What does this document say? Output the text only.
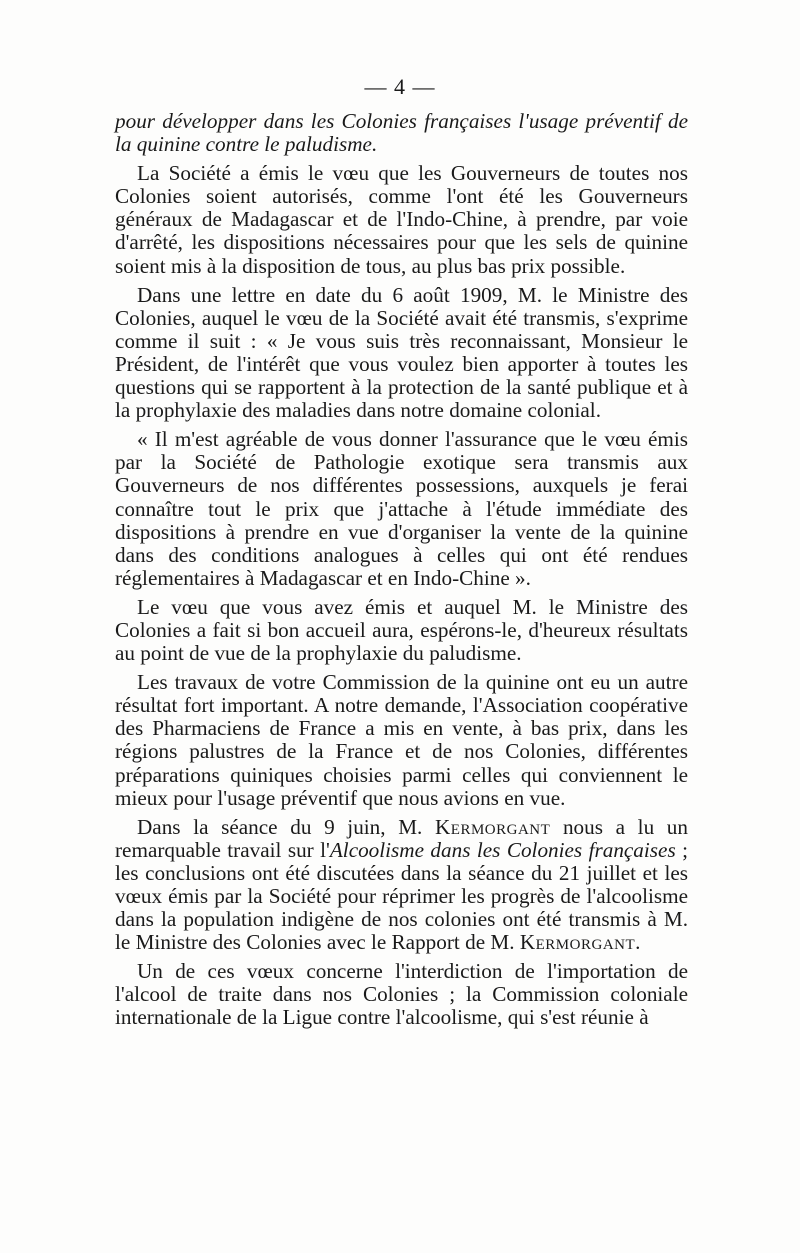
— 4 —

pour développer dans les Colonies françaises l'usage préventif de la quinine contre le paludisme.

La Société a émis le vœu que les Gouverneurs de toutes nos Colonies soient autorisés, comme l'ont été les Gouverneurs généraux de Madagascar et de l'Indo-Chine, à prendre, par voie d'arrêté, les dispositions nécessaires pour que les sels de quinine soient mis à la disposition de tous, au plus bas prix possible.

Dans une lettre en date du 6 août 1909, M. le Ministre des Colonies, auquel le vœu de la Société avait été transmis, s'exprime comme il suit : « Je vous suis très reconnaissant, Monsieur le Président, de l'intérêt que vous voulez bien apporter à toutes les questions qui se rapportent à la protection de la santé publique et à la prophylaxie des maladies dans notre domaine colonial.

« Il m'est agréable de vous donner l'assurance que le vœu émis par la Société de Pathologie exotique sera transmis aux Gouverneurs de nos différentes possessions, auxquels je ferai connaître tout le prix que j'attache à l'étude immédiate des dispositions à prendre en vue d'organiser la vente de la quinine dans des conditions analogues à celles qui ont été rendues réglementaires à Madagascar et en Indo-Chine ».

Le vœu que vous avez émis et auquel M. le Ministre des Colonies a fait si bon accueil aura, espérons-le, d'heureux résultats au point de vue de la prophylaxie du paludisme.

Les travaux de votre Commission de la quinine ont eu un autre résultat fort important. A notre demande, l'Association coopérative des Pharmaciens de France a mis en vente, à bas prix, dans les régions palustres de la France et de nos Colonies, différentes préparations quiniques choisies parmi celles qui conviennent le mieux pour l'usage préventif que nous avions en vue.

Dans la séance du 9 juin, M. Kermorgant nous a lu un remarquable travail sur l'Alcoolisme dans les Colonies françaises ; les conclusions ont été discutées dans la séance du 21 juillet et les vœux émis par la Société pour réprimer les progrès de l'alcoolisme dans la population indigène de nos colonies ont été transmis à M. le Ministre des Colonies avec le Rapport de M. Kermorgant.

Un de ces vœux concerne l'interdiction de l'importation de l'alcool de traite dans nos Colonies ; la Commission coloniale internationale de la Ligue contre l'alcoolisme, qui s'est réunie à
